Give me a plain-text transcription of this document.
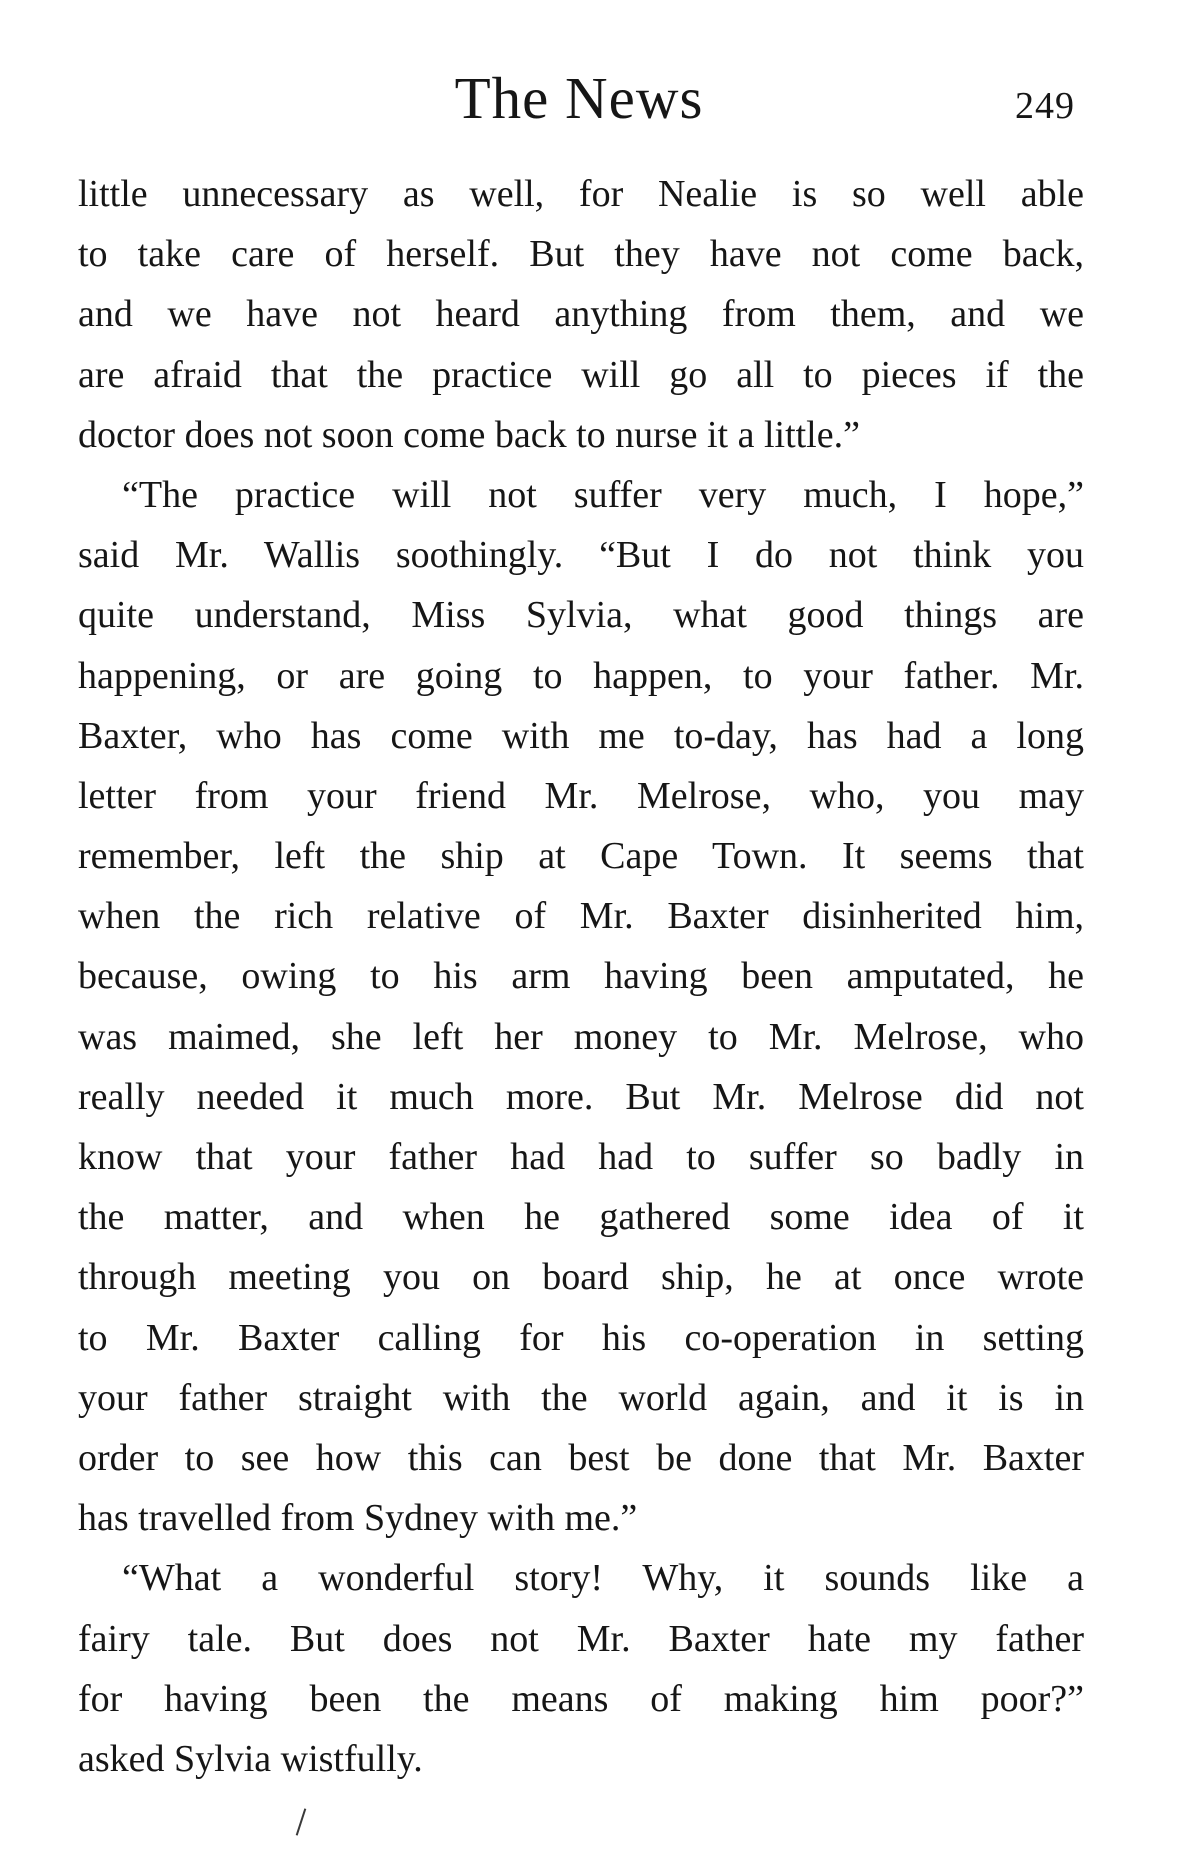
The News	249
little unnecessary as well, for Nealie is so well able
to take care of herself. But they have not come back,
and we have not heard anything from them, and we
are afraid that the practice will go all to pieces if the
doctor does not soon come back to nurse it a little.”
“The practice will not suffer very much, I hope,”
said Mr. Wallis soothingly. “But I do not think you
quite understand, Miss Sylvia, what good things are
happening, or are going to happen, to your father. Mr.
Baxter, who has come with me to-day, has had a long
letter from your friend Mr. Melrose, who, you may
remember, left the ship at Cape Town. It seems that
when the rich relative of Mr. Baxter disinherited him,
because, owing to his arm having been amputated, he
was maimed, she left her money to Mr. Melrose, who
really needed it much more. But Mr. Melrose did not
know that your father had had to suffer so badly in
the matter, and when he gathered some idea of it
through meeting you on board ship, he at once wrote
to Mr. Baxter calling for his co-operation in setting
your father straight with the world again, and it is in
order to see how this can best be done that Mr. Baxter
has travelled from Sydney with me.”
“What a wonderful story! Why, it sounds like a
fairy tale. But does not Mr. Baxter hate my father
for having been the means of making him poor?”
asked Sylvia wistfully.
